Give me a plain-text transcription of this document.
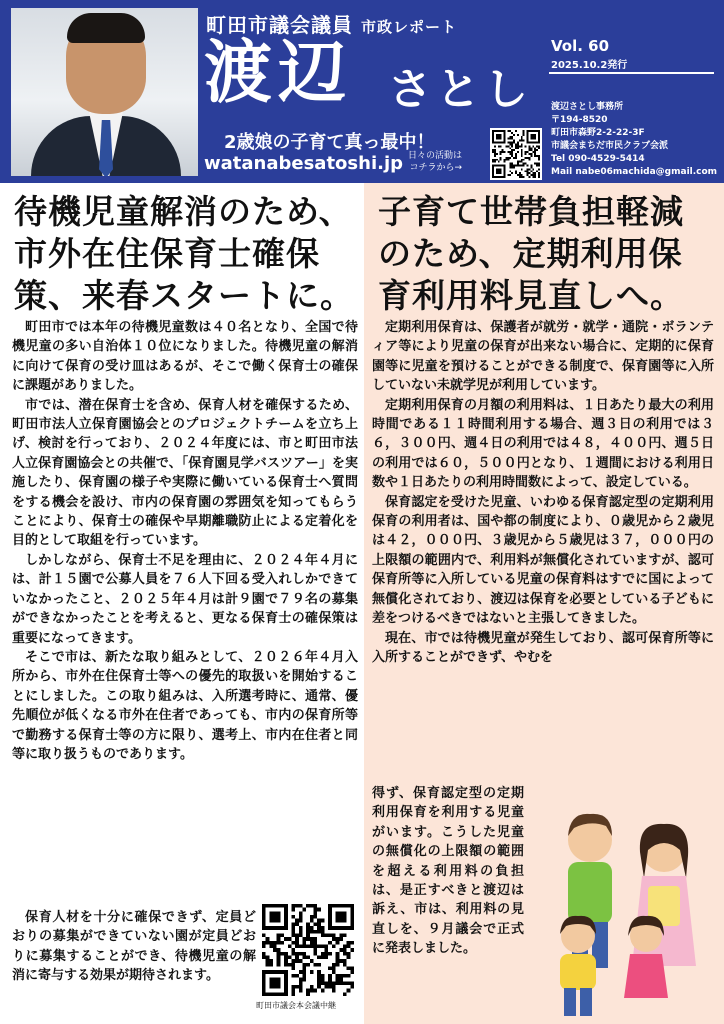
町田市議会議員 市政レポート
渡辺 さとし
2歳娘の子育て真っ最中！
watanabesatoshi.jp 日々の活動は
コチラから→
Vol. 60
2025.10.2発行
渡辺さとし事務所
〒194-8520
町田市森野2-2-22-3F
市議会まちだ市民クラブ会派
Tel 090-4529-5414
Mail nabe06machida@gmail.com
待機児童解消のため、
市外在住保育士確保
策、来春スタートに。
子育て世帯負担軽減
のため、定期利用保
育利用料見直しへ。

町田市では本年の待機児童数は４０名となり、全国で待機児童の多い自治体１０位になりました。待機児童の解消に向けて保育の受け皿はあるが、そこで働く保育士の確保に課題がありました。

市では、潜在保育士を含め、保育人材を確保するため、町田市法人立保育園協会とのプロジェクトチームを立ち上げ、検討を行っており、２０２４年度には、市と町田市法人立保育園協会との共催で、「保育園見学バスツアー」を実施したり、保育園の様子や実際に働いている保育士へ質問をする機会を設け、市内の保育園の雰囲気を知ってもらうことにより、保育士の確保や早期離職防止による定着化を目的として取組を行っています。

しかしながら、保育士不足を理由に、２０２４年４月には、計１５園で公募人員を７６人下回る受入れしかできていなかったこと、２０２５年４月は計９園で７９名の募集ができなかったことを考えると、更なる保育士の確保策は重要になってきます。

そこで市は、新たな取り組みとして、２０２６年４月入所から、市外在住保育士等への優先的取扱いを開始することにしました。この取り組みは、入所選考時に、通常、優先順位が低くなる市外在住者であっても、市内の保育所等で勤務する保育士等の方に限り、選考上、市内在住者と同等に取り扱うものであります。

保育人材を十分に確保できず、定員どおりの募集ができていない園が定員どおりに募集することができ、待機児童の解消に寄与する効果が期待されます。

町田市議会本会議中継

定期利用保育は、保護者が就労・就学・通院・ボランティア等により児童の保育が出来ない場合に、定期的に保育園等に児童を預けることができる制度で、保育園等に入所していない未就学児が利用しています。

定期利用保育の月額の利用料は、１日あたり最大の利用時間である１１時間利用する場合、週３日の利用では３６，３００円、週４日の利用では４８，４００円、週５日の利用では６０，５００円となり、１週間における利用日数や１日あたりの利用時間数によって、設定している。

保育認定を受けた児童、いわゆる保育認定型の定期利用保育の利用者は、国や都の制度により、０歳児から２歳児は４２，０００円、３歳児から５歳児は３７，０００円の上限額の範囲内で、利用料が無償化されていますが、認可保育所等に入所している児童の保育料はすでに国によって無償化されており、渡辺は保育を必要としている子どもに差をつけるべきではないと主張してきました。

現在、市では待機児童が発生しており、認可保育所等に入所することができず、やむを

得ず、保育認定型の定期利用保育を利用する児童がいます。こうした児童の無償化の上限額の範囲を超える利用料の負担は、是正すべきと渡辺は訴え、市は、利用料の見直しを、９月議会で正式に発表しました。
